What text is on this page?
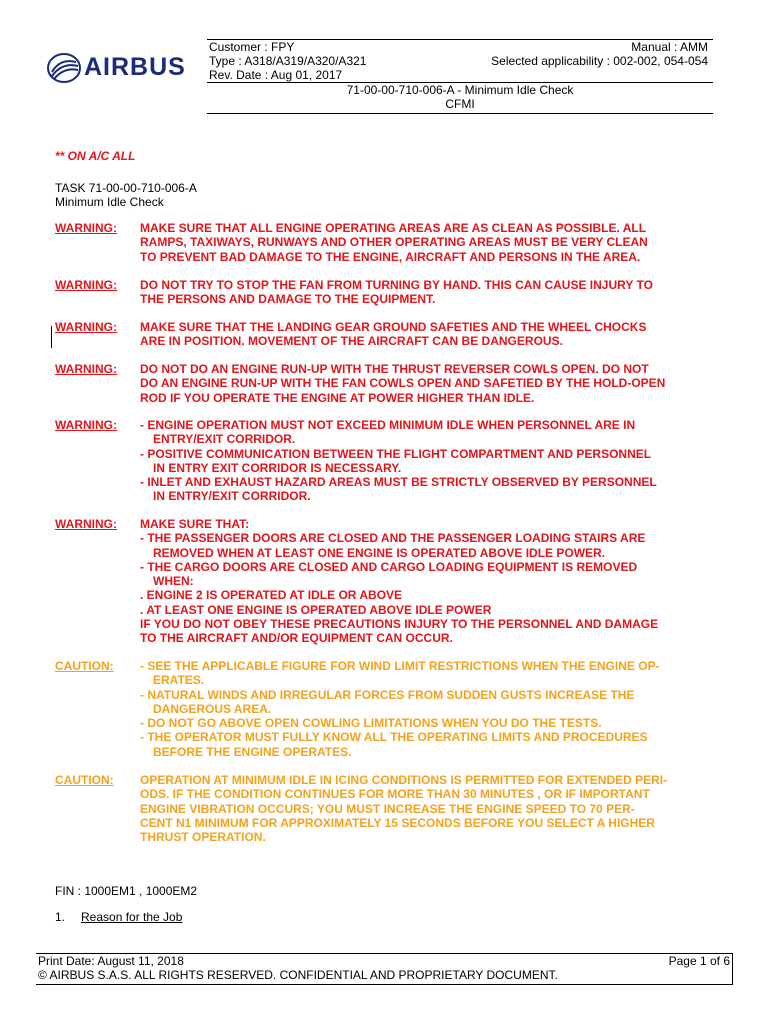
AIRBUS
Customer : FPY	Manual : AMM
Type : A318/A319/A320/A321	Selected applicability : 002-002, 054-054
Rev. Date : Aug 01, 2017
71-00-00-710-006-A - Minimum Idle Check
CFMI
** ON A/C ALL
TASK 71-00-00-710-006-A
Minimum Idle Check
WARNING: MAKE SURE THAT ALL ENGINE OPERATING AREAS ARE AS CLEAN AS POSSIBLE. ALL
RAMPS, TAXIWAYS, RUNWAYS AND OTHER OPERATING AREAS MUST BE VERY CLEAN
TO PREVENT BAD DAMAGE TO THE ENGINE, AIRCRAFT AND PERSONS IN THE AREA.
WARNING: DO NOT TRY TO STOP THE FAN FROM TURNING BY HAND. THIS CAN CAUSE INJURY TO
THE PERSONS AND DAMAGE TO THE EQUIPMENT.
WARNING: MAKE SURE THAT THE LANDING GEAR GROUND SAFETIES AND THE WHEEL CHOCKS
ARE IN POSITION. MOVEMENT OF THE AIRCRAFT CAN BE DANGEROUS.
WARNING: DO NOT DO AN ENGINE RUN-UP WITH THE THRUST REVERSER COWLS OPEN. DO NOT
DO AN ENGINE RUN-UP WITH THE FAN COWLS OPEN AND SAFETIED BY THE HOLD-OPEN
ROD IF YOU OPERATE THE ENGINE AT POWER HIGHER THAN IDLE.
WARNING: - ENGINE OPERATION MUST NOT EXCEED MINIMUM IDLE WHEN PERSONNEL ARE IN
ENTRY/EXIT CORRIDOR.
- POSITIVE COMMUNICATION BETWEEN THE FLIGHT COMPARTMENT AND PERSONNEL
IN ENTRY EXIT CORRIDOR IS NECESSARY.
- INLET AND EXHAUST HAZARD AREAS MUST BE STRICTLY OBSERVED BY PERSONNEL
IN ENTRY/EXIT CORRIDOR.
WARNING: MAKE SURE THAT:
- THE PASSENGER DOORS ARE CLOSED AND THE PASSENGER LOADING STAIRS ARE
REMOVED WHEN AT LEAST ONE ENGINE IS OPERATED ABOVE IDLE POWER.
- THE CARGO DOORS ARE CLOSED AND CARGO LOADING EQUIPMENT IS REMOVED
WHEN:
. ENGINE 2 IS OPERATED AT IDLE OR ABOVE
. AT LEAST ONE ENGINE IS OPERATED ABOVE IDLE POWER
IF YOU DO NOT OBEY THESE PRECAUTIONS INJURY TO THE PERSONNEL AND DAMAGE
TO THE AIRCRAFT AND/OR EQUIPMENT CAN OCCUR.
CAUTION: - SEE THE APPLICABLE FIGURE FOR WIND LIMIT RESTRICTIONS WHEN THE ENGINE OP-
ERATES.
- NATURAL WINDS AND IRREGULAR FORCES FROM SUDDEN GUSTS INCREASE THE
DANGEROUS AREA.
- DO NOT GO ABOVE OPEN COWLING LIMITATIONS WHEN YOU DO THE TESTS.
- THE OPERATOR MUST FULLY KNOW ALL THE OPERATING LIMITS AND PROCEDURES
BEFORE THE ENGINE OPERATES.
CAUTION: OPERATION AT MINIMUM IDLE IN ICING CONDITIONS IS PERMITTED FOR EXTENDED PERI-
ODS. IF THE CONDITION CONTINUES FOR MORE THAN 30 MINUTES , OR IF IMPORTANT
ENGINE VIBRATION OCCURS; YOU MUST INCREASE THE ENGINE SPEED TO 70 PER-
CENT N1 MINIMUM FOR APPROXIMATELY 15 SECONDS BEFORE YOU SELECT A HIGHER
THRUST OPERATION.
FIN : 1000EM1 , 1000EM2
1. Reason for the Job
Print Date: August 11, 2018	Page 1 of 6
© AIRBUS S.A.S. ALL RIGHTS RESERVED. CONFIDENTIAL AND PROPRIETARY DOCUMENT.
